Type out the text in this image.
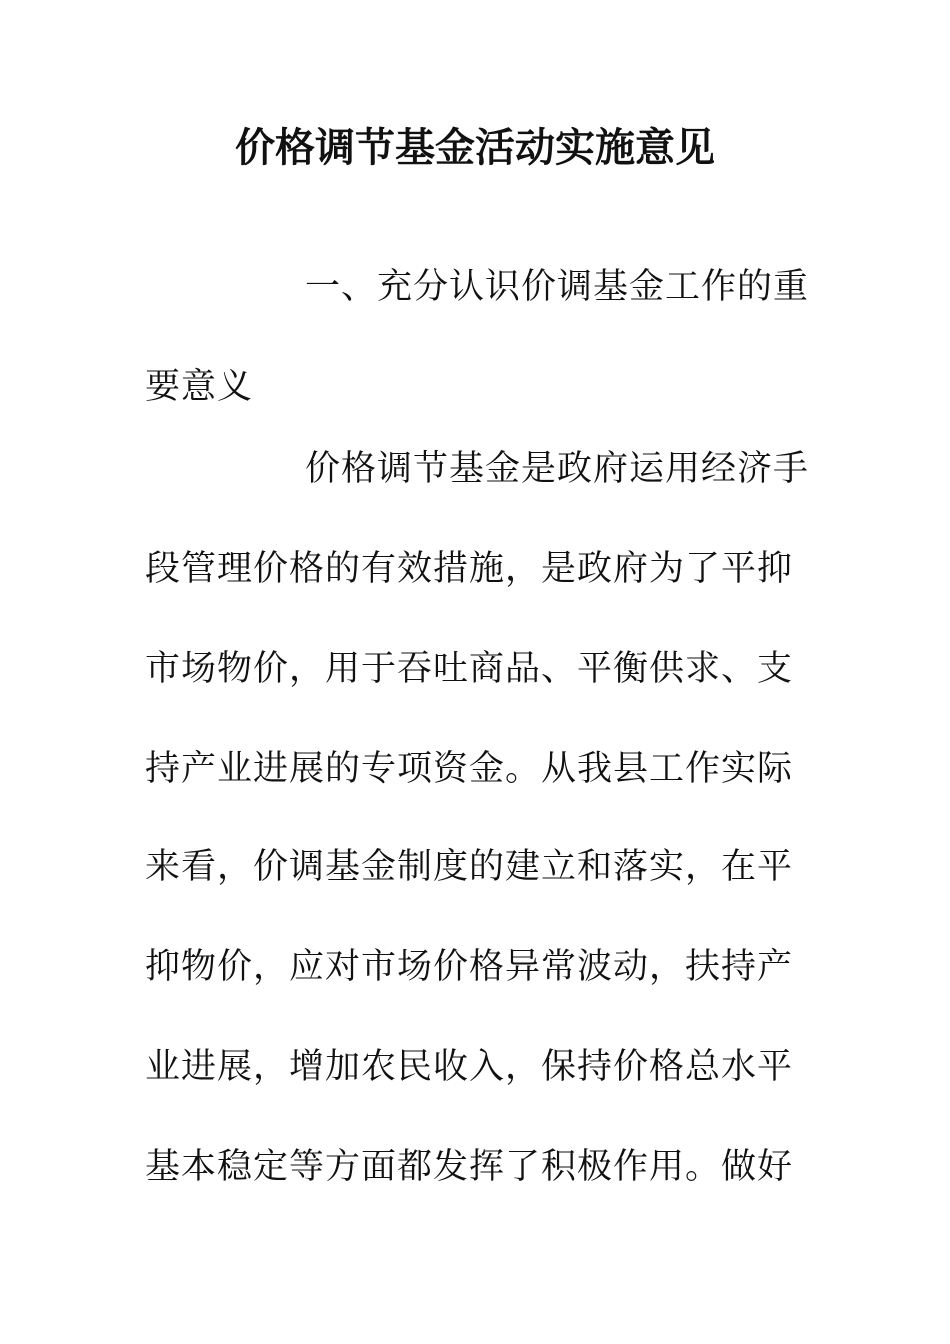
价格调节基金活动实施意见

一、充分认识价调基金工作的重

要意义

价格调节基金是政府运用经济手

段管理价格的有效措施，是政府为了平抑

市场物价，用于吞吐商品、平衡供求、支

持产业进展的专项资金。从我县工作实际

来看，价调基金制度的建立和落实，在平

抑物价，应对市场价格异常波动，扶持产

业进展，增加农民收入，保持价格总水平

基本稳定等方面都发挥了积极作用。做好
